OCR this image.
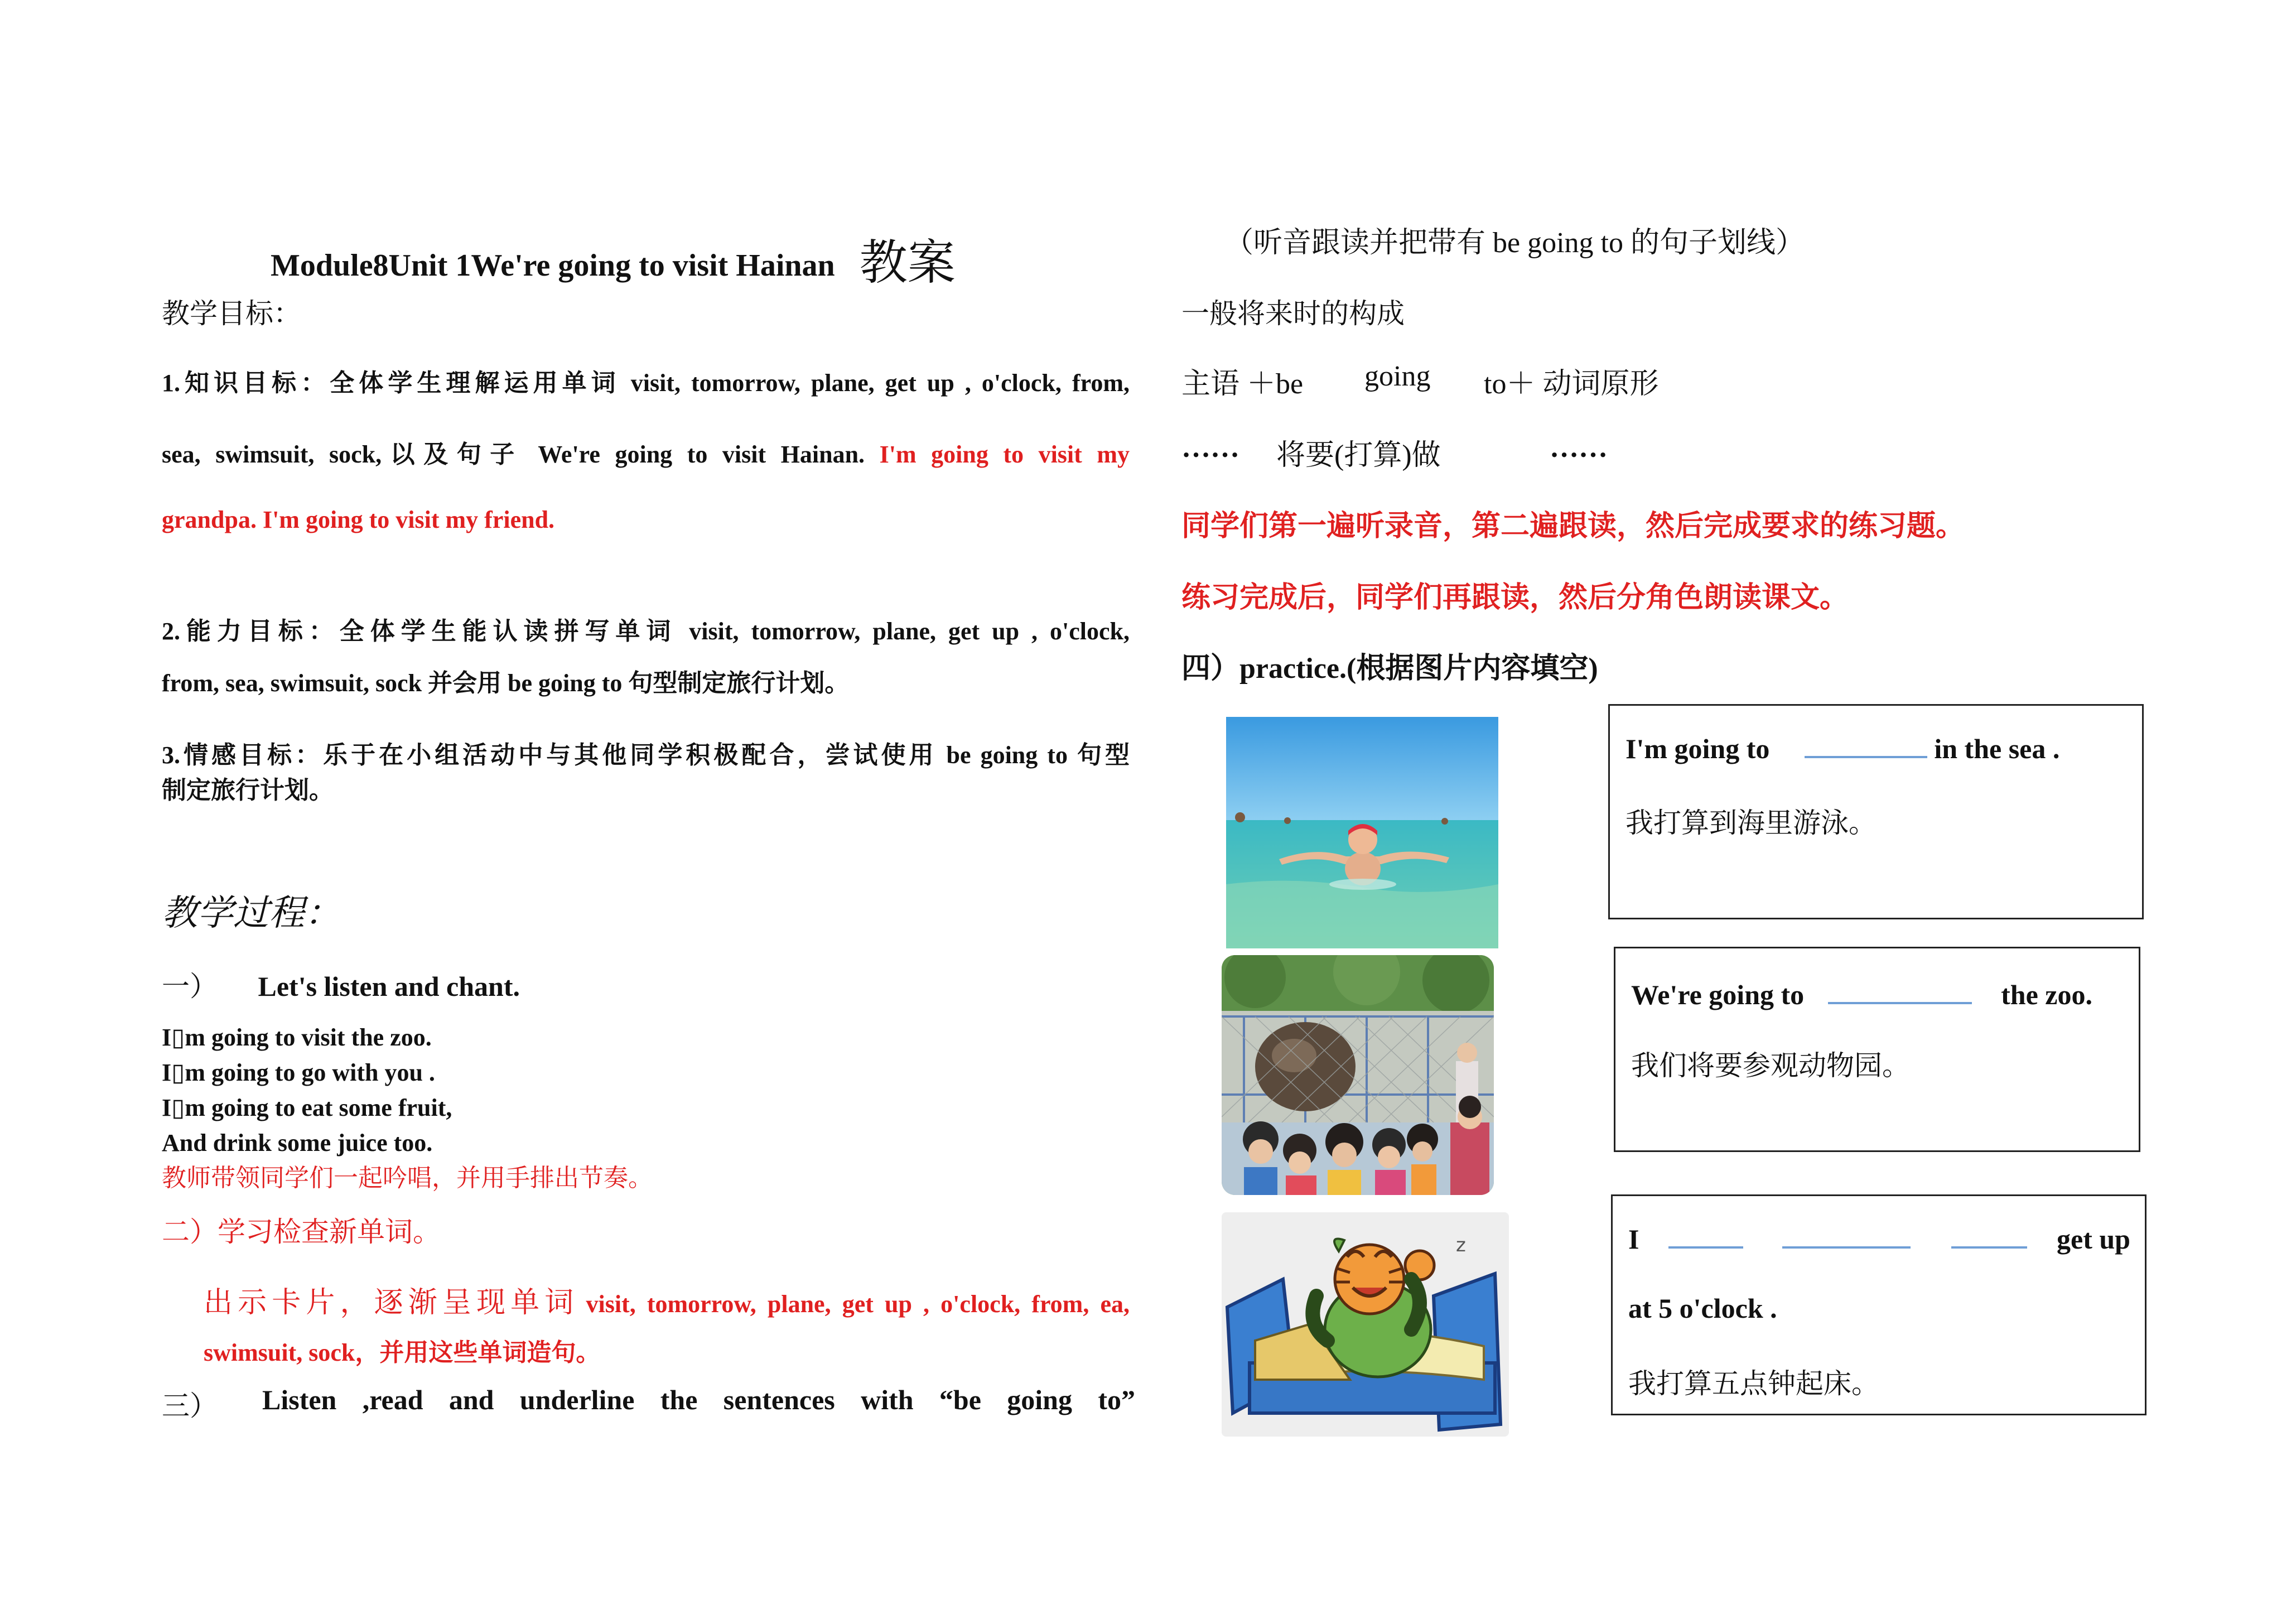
Module8Unit 1We're going to visit Hainan 教案
教学目标：
1.知识目标：全体学生理解运用单词 visit, tomorrow, plane, get up , o'clock, from,
sea, swimsuit, sock,以及句子 We're going to visit Hainan. I'm going to visit my
grandpa. I'm going to visit my friend.
2.能力目标：全体学生能认读拼写单词 visit, tomorrow, plane, get up , o'clock,
from, sea, swimsuit, sock 并会用 be going to 句型制定旅行计划。
3.情感目标：乐于在小组活动中与其他同学积极配合，尝试使用 be going to 句型
制定旅行计划。
教学过程：
一） Let's listen and chant.
I▯m going to visit the zoo.
I▯m going to go with you .
I▯m going to eat some fruit,
And drink some juice too.
教师带领同学们一起吟唱，并用手排出节奏。
二）学习检查新单词。
出示卡片，逐渐呈现单词 visit, tomorrow, plane, get up , o'clock, from, ea,
swimsuit, sock，并用这些单词造句。
三） Listen ,read and underline the sentences with “be going to”
（听音跟读并把带有 be going to 的句子划线）
一般将来时的构成
主语 ＋be going to＋ 动词原形
…… 将要(打算)做	……
同学们第一遍听录音，第二遍跟读，然后完成要求的练习题。
练习完成后，同学们再跟读，然后分角色朗读课文。
四）practice.(根据图片内容填空)
I'm going to	in the sea .
我打算到海里游泳。
We're going to	the zoo.
我们将要参观动物园。
z	I	get up
at 5 o'clock .
我打算五点钟起床。
